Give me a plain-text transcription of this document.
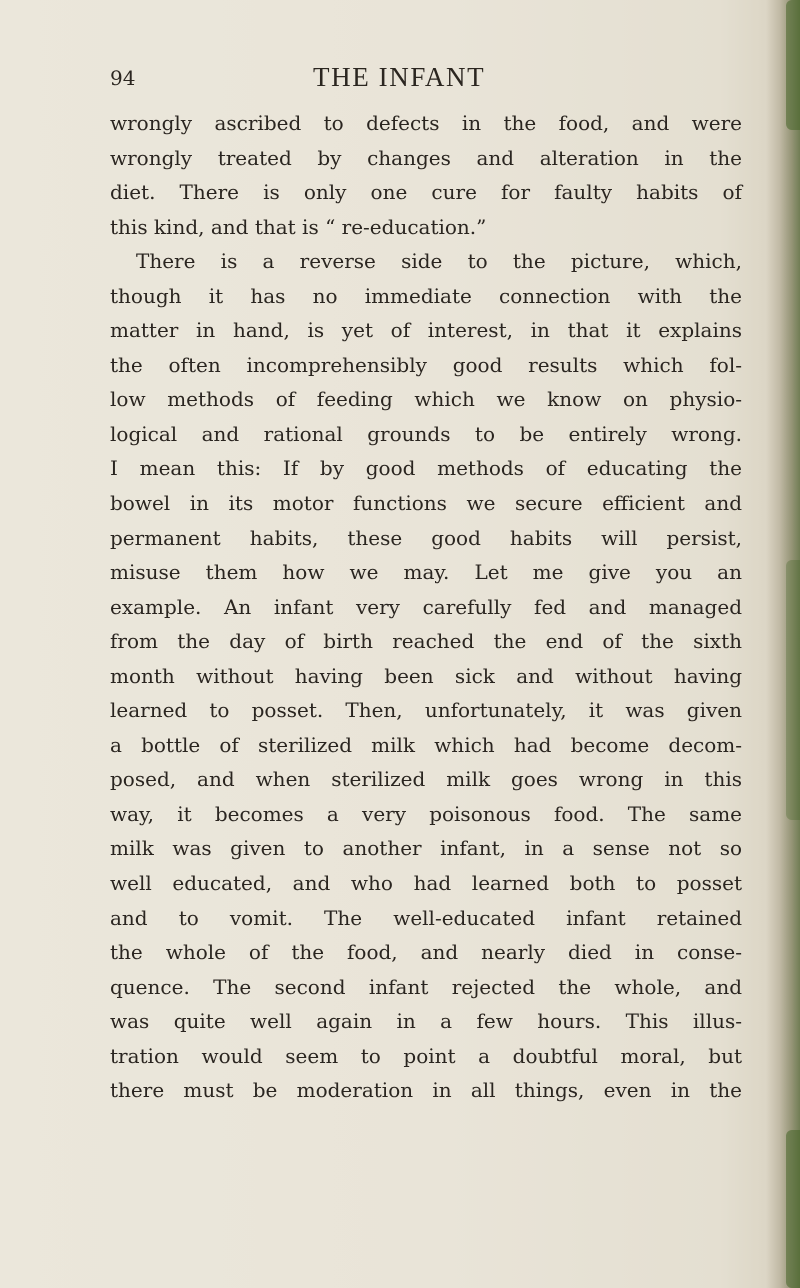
94	THE INFANT
wrongly ascribed to defects in the food, and were
wrongly treated by changes and alteration in the
diet. There is only one cure for faulty habits of
this kind, and that is “ re-education.”
There is a reverse side to the picture, which,
though it has no immediate connection with the
matter in hand, is yet of interest, in that it explains
the often incomprehensibly good results which fol-
low methods of feeding which we know on physio-
logical and rational grounds to be entirely wrong.
I mean this: If by good methods of educating the
bowel in its motor functions we secure efficient and
permanent habits, these good habits will persist,
misuse them how we may. Let me give you an
example. An infant very carefully fed and managed
from the day of birth reached the end of the sixth
month without having been sick and without having
learned to posset. Then, unfortunately, it was given
a bottle of sterilized milk which had become decom-
posed, and when sterilized milk goes wrong in this
way, it becomes a very poisonous food. The same
milk was given to another infant, in a sense not so
well educated, and who had learned both to posset
and to vomit. The well-educated infant retained
the whole of the food, and nearly died in conse-
quence. The second infant rejected the whole, and
was quite well again in a few hours. This illus-
tration would seem to point a doubtful moral, but
there must be moderation in all things, even in the
